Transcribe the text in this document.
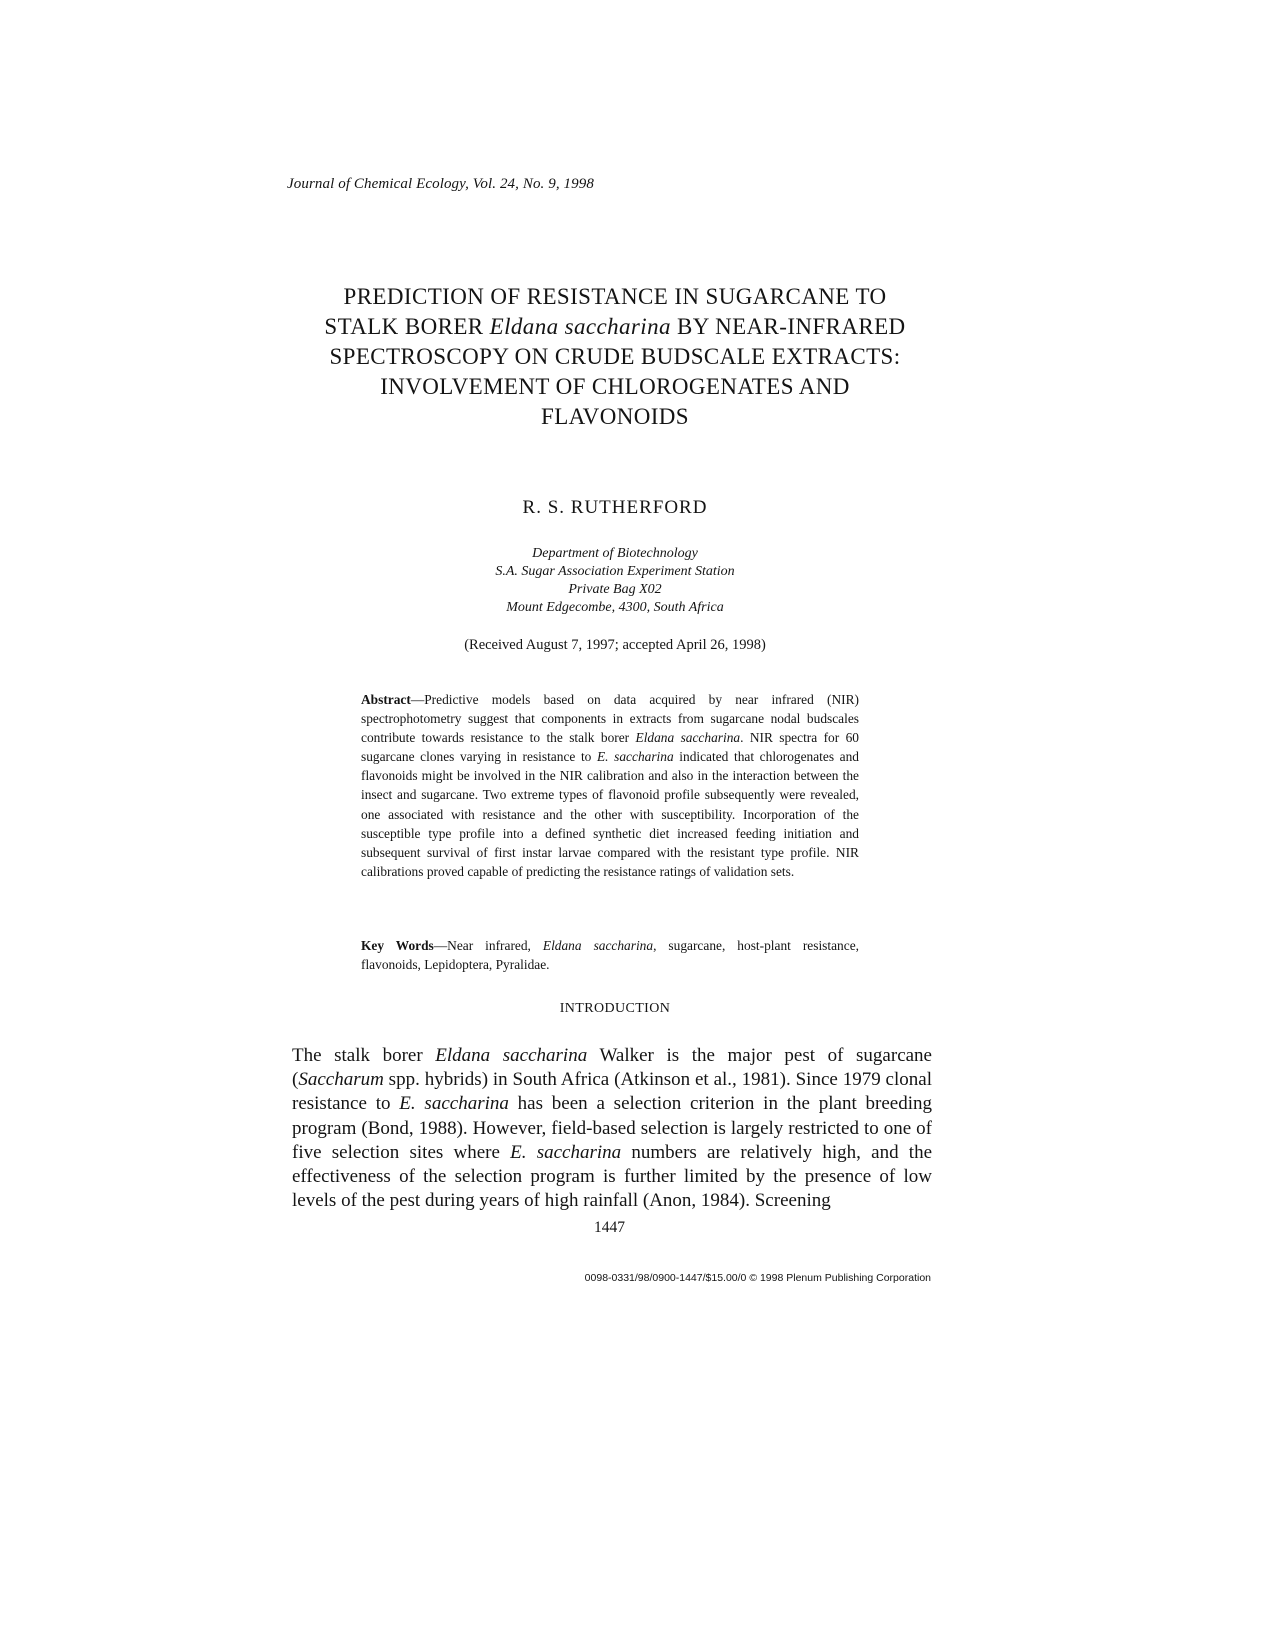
Journal of Chemical Ecology, Vol. 24, No. 9, 1998
PREDICTION OF RESISTANCE IN SUGARCANE TO
STALK BORER Eldana saccharina BY NEAR-INFRARED
SPECTROSCOPY ON CRUDE BUDSCALE EXTRACTS:
INVOLVEMENT OF CHLOROGENATES AND
FLAVONOIDS
R. S. RUTHERFORD
Department of Biotechnology
S.A. Sugar Association Experiment Station
Private Bag X02
Mount Edgecombe, 4300, South Africa
(Received August 7, 1997; accepted April 26, 1998)
Abstract—Predictive models based on data acquired by near infrared (NIR) spectrophotometry suggest that components in extracts from sugarcane nodal budscales contribute towards resistance to the stalk borer Eldana saccharina. NIR spectra for 60 sugarcane clones varying in resistance to E. saccharina indicated that chlorogenates and flavonoids might be involved in the NIR calibration and also in the interaction between the insect and sugarcane. Two extreme types of flavonoid profile subsequently were revealed, one associated with resistance and the other with susceptibility. Incorporation of the susceptible type profile into a defined synthetic diet increased feeding initiation and subsequent survival of first instar larvae compared with the resistant type profile. NIR calibrations proved capable of predicting the resistance ratings of validation sets.
Key Words—Near infrared, Eldana saccharina, sugarcane, host-plant resistance, flavonoids, Lepidoptera, Pyralidae.
INTRODUCTION
The stalk borer Eldana saccharina Walker is the major pest of sugarcane (Saccharum spp. hybrids) in South Africa (Atkinson et al., 1981). Since 1979 clonal resistance to E. saccharina has been a selection criterion in the plant breeding program (Bond, 1988). However, field-based selection is largely restricted to one of five selection sites where E. saccharina numbers are relatively high, and the effectiveness of the selection program is further limited by the presence of low levels of the pest during years of high rainfall (Anon, 1984). Screening
1447
0098-0331/98/0900-1447/$15.00/0 © 1998 Plenum Publishing Corporation
